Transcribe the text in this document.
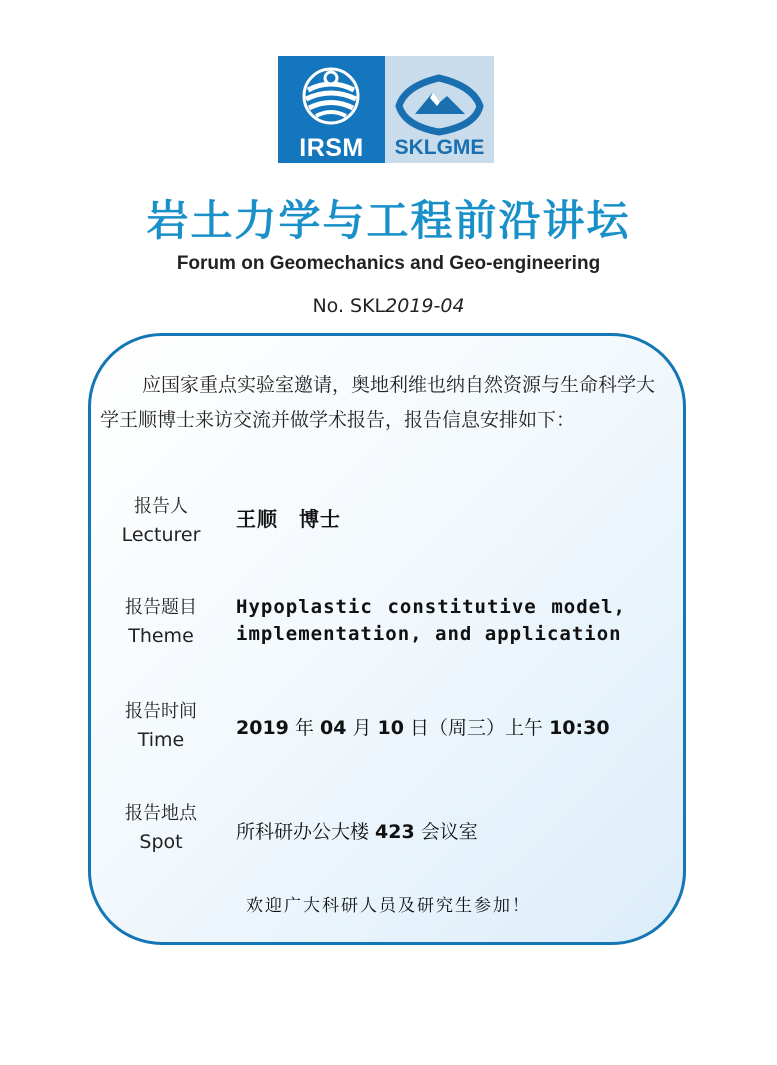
IRSM	SKLGME
岩土力学与工程前沿讲坛
Forum on Geomechanics and Geo-engineering
No. SKL2019-04
应国家重点实验室邀请，奥地利维也纳自然资源与生命科学大学王顺博士来访交流并做学术报告，报告信息安排如下：
报告人
Lecturer
王顺　博士
报告题目
Theme
Hypoplastic constitutive model, implementation, and application
报告时间
Time
2019 年 04 月 10 日（周三）上午 10:30
报告地点
Spot	所科研办公大楼 423 会议室
欢迎广大科研人员及研究生参加！
